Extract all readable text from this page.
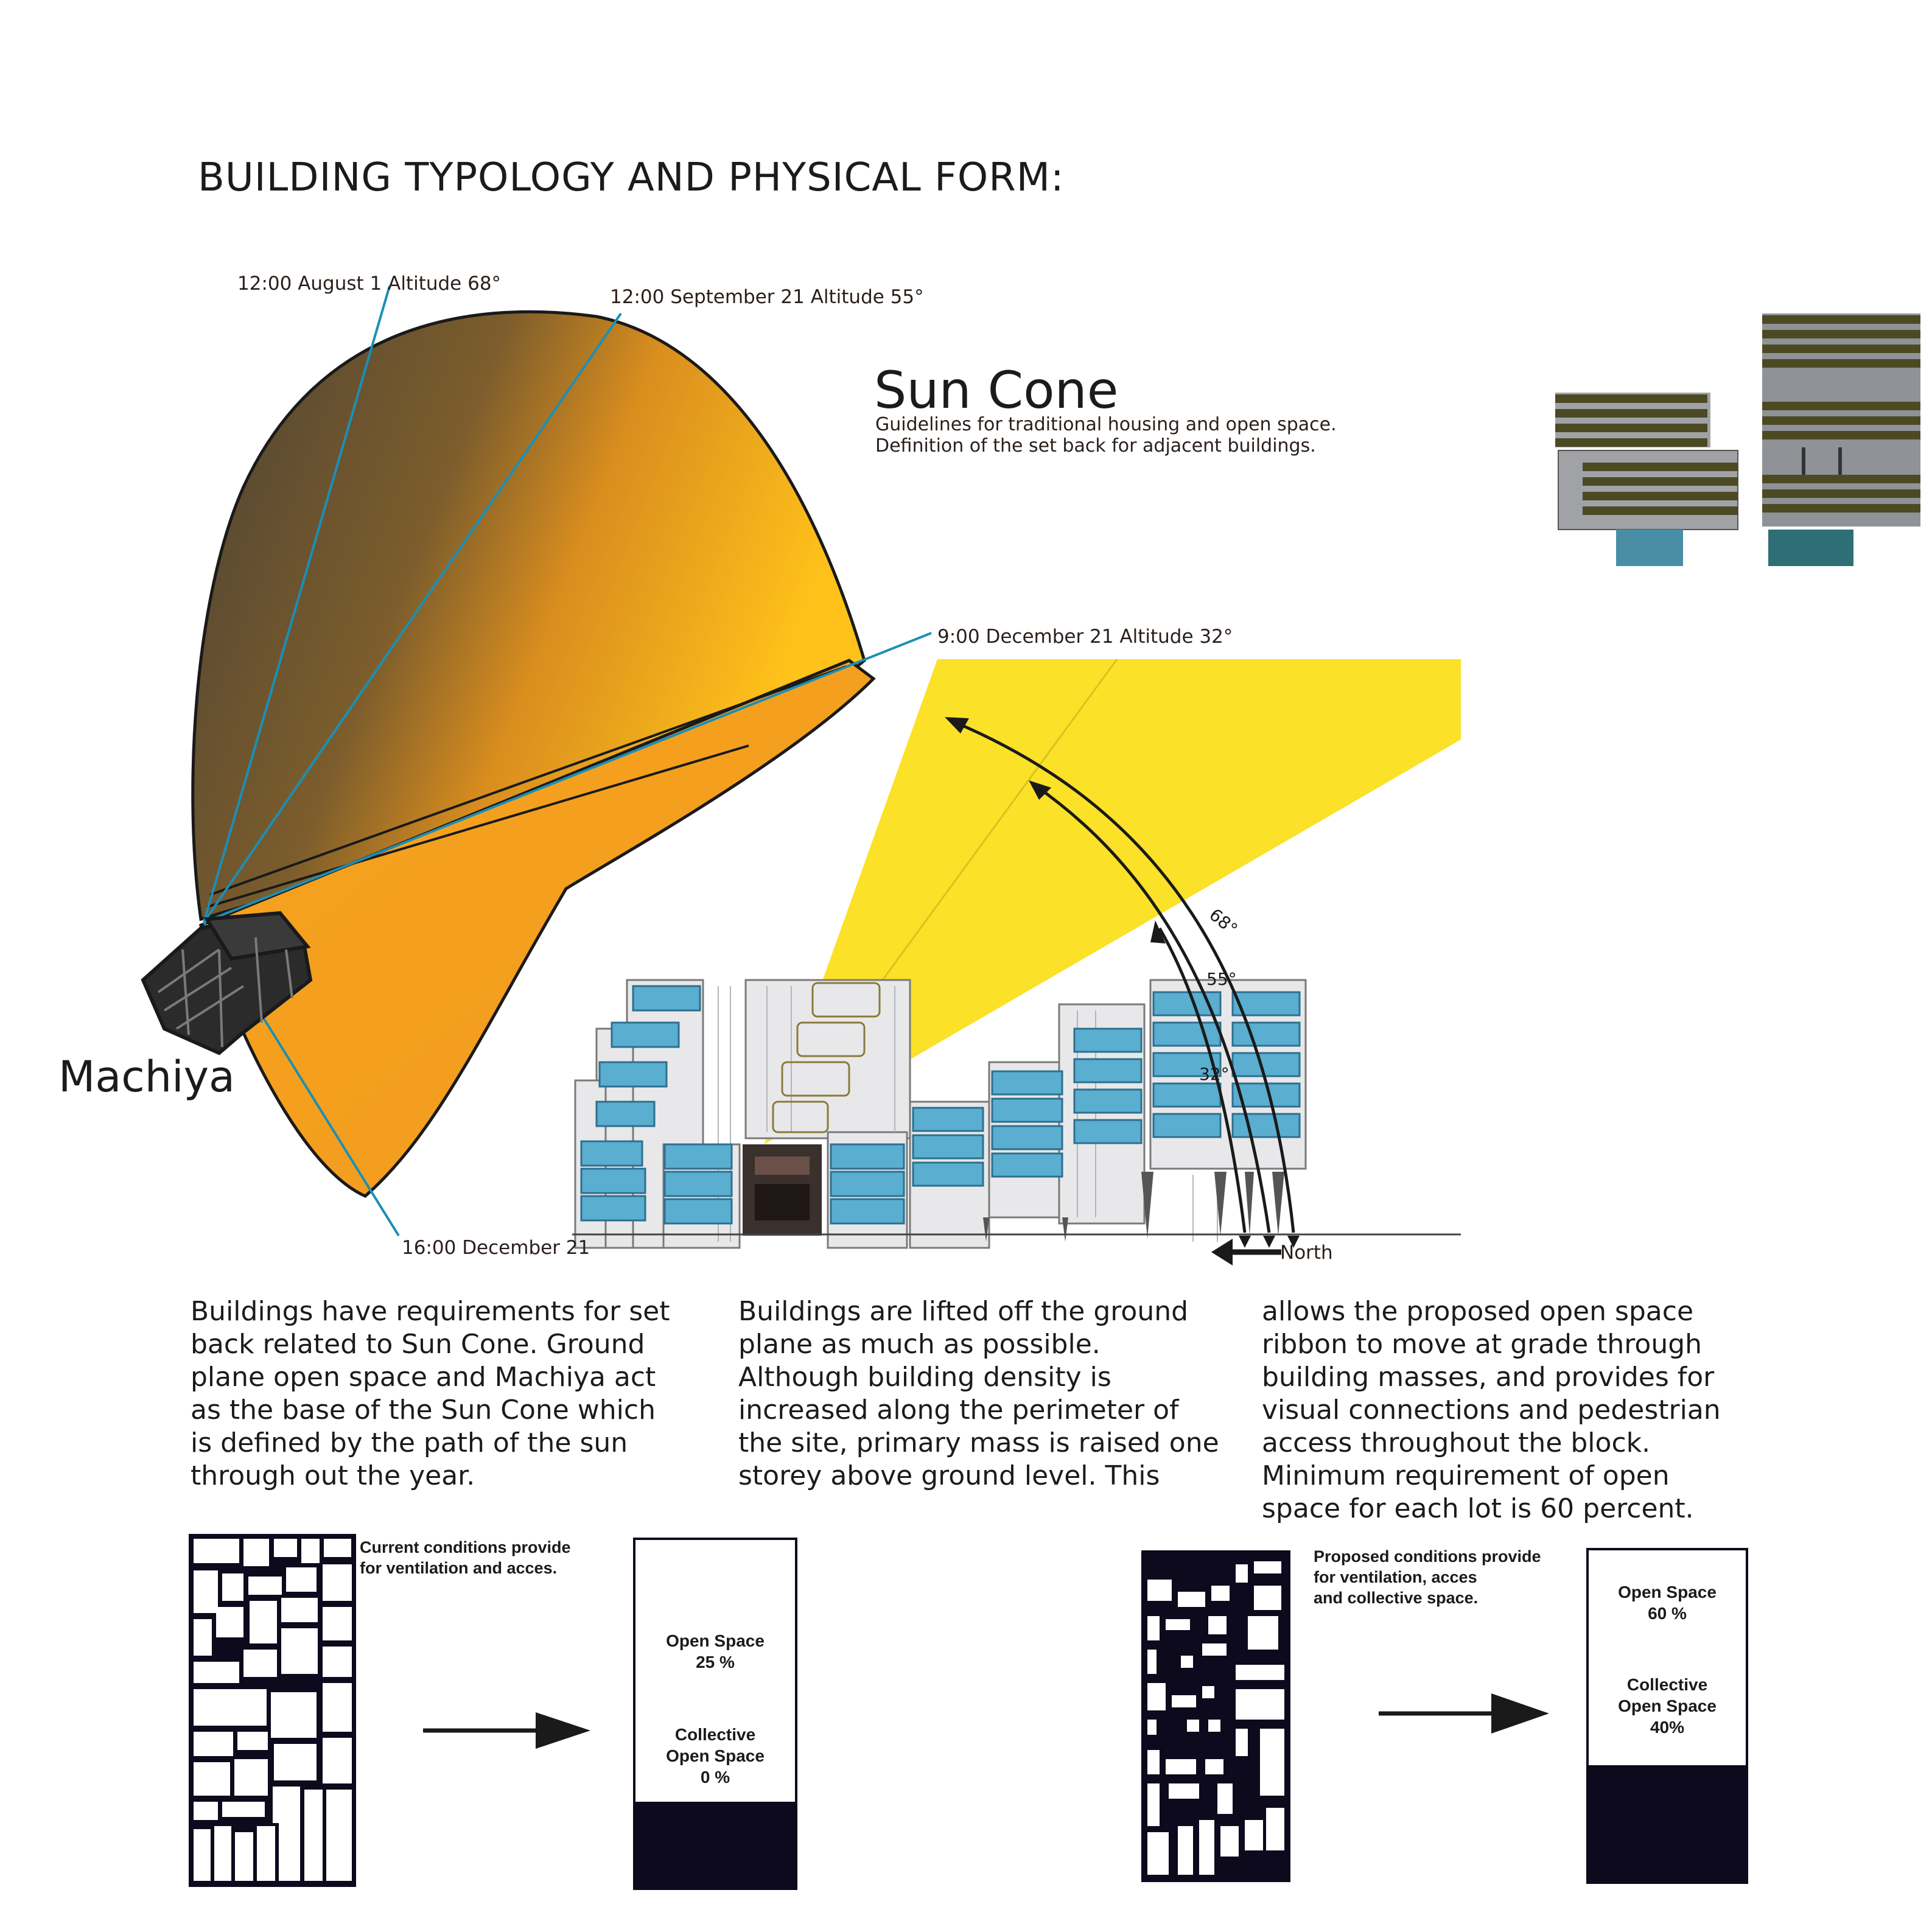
BUILDING TYPOLOGY AND PHYSICAL FORM:
12:00 August 1 Altitude 68°
12:00 September 21 Altitude 55°
9:00 December 21 Altitude 32°
16:00 December 21
Sun Cone
Guidelines for traditional housing and open space.
Definition of the set back for adjacent buildings.
Machiya
68°
55°
32°
North
Buildings have requirements for set
back related to Sun Cone. Ground
plane open space and Machiya act
as the base of the Sun Cone which
is defined by the path of the sun
through out the year.
Buildings are lifted off the ground
plane as much as possible.
Although building density is
increased along the perimeter of
the site, primary mass is raised one
storey above ground level. This
allows the proposed open space
ribbon to move at grade through
building masses, and provides for
visual connections and pedestrian
access throughout the block.
Minimum requirement of open
space for each lot is 60 percent.
Current conditions provide
for ventilation and acces.
Proposed conditions provide
for ventilation, acces
and collective space.
Open Space
25 %
Collective
Open Space
0 %
Open Space
60 %
Collective
Open Space
40%
